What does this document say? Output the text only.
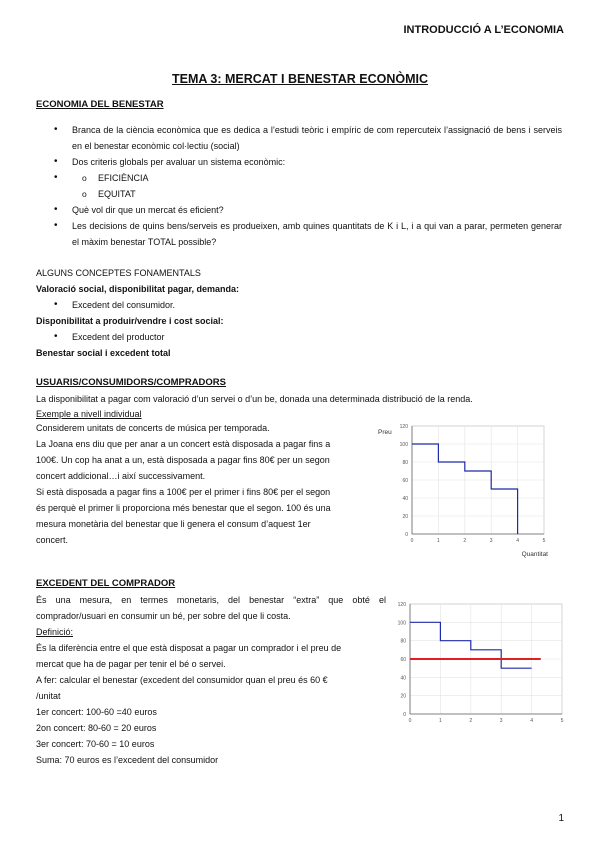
INTRODUCCIÓ A L’ECONOMIA
TEMA 3: MERCAT I BENESTAR ECONÒMIC
ECONOMIA DEL BENESTAR
• Branca de la ciència econòmica que es dedica a l’estudi teòric i empíric de com repercuteix l’assignació de bens i serveis en el benestar econòmic col·lectiu (social)
• Dos criteris globals per avaluar un sistema econòmic:
o • EFICIÈNCIA
o EQUITAT
• Què vol dir que un mercat és eficient?
• Les decisions de quins bens/serveis es produeixen, amb quines quantitats de K i L, i a qui van a parar, permeten generar el màxim benestar TOTAL possible?
ALGUNS CONCEPTES FONAMENTALS
Valoració social, disponibilitat pagar, demanda:
• Excedent del consumidor.
Disponibilitat a produir/vendre i cost social:
• Excedent del productor
Benestar social i excedent total
USUARIS/CONSUMIDORS/COMPRADORS
La disponibilitat a pagar com valoració d’un servei o d’un be, donada una determinada distribució de la renda.
Exemple a nivell individual
Considerem unitats de concerts de música per temporada.
La Joana ens diu que per anar a un concert està disposada a pagar fins a
100€. Un cop ha anat a un, està disposada a pagar fins 80€ per un segon
concert addicional…i així successivament.
Si està disposada a pagar fins a 100€ per el primer i fins 80€ per el segon
és perquè el primer li proporciona més benestar que el segon. 100 és una
mesura monetària del benestar que li genera el consum d’aquest 1er
concert.	0	1	2	3	4	5
0
20
40
60
80
100
120
Preu
Quantitat
EXCEDENT DEL COMPRADOR
És una mesura, en termes monetaris, del benestar “extra” que obté el
comprador/usuari en consumir un bé, per sobre del que li costa.
Definició:
És la diferència entre el que està disposat a pagar un comprador i el preu de
mercat que ha de pagar per tenir el bé o servei.
A fer: calcular el benestar (excedent del consumidor quan el preu és 60 €
/unitat
1er concert: 100-60 =40 euros
2on concert: 80-60 = 20 euros
3er concert: 70-60 = 10 euros
Suma: 70 euros es l’excedent del consumidor
0	1	2	3	4	5
0
20
40
60
80
100
120
1
